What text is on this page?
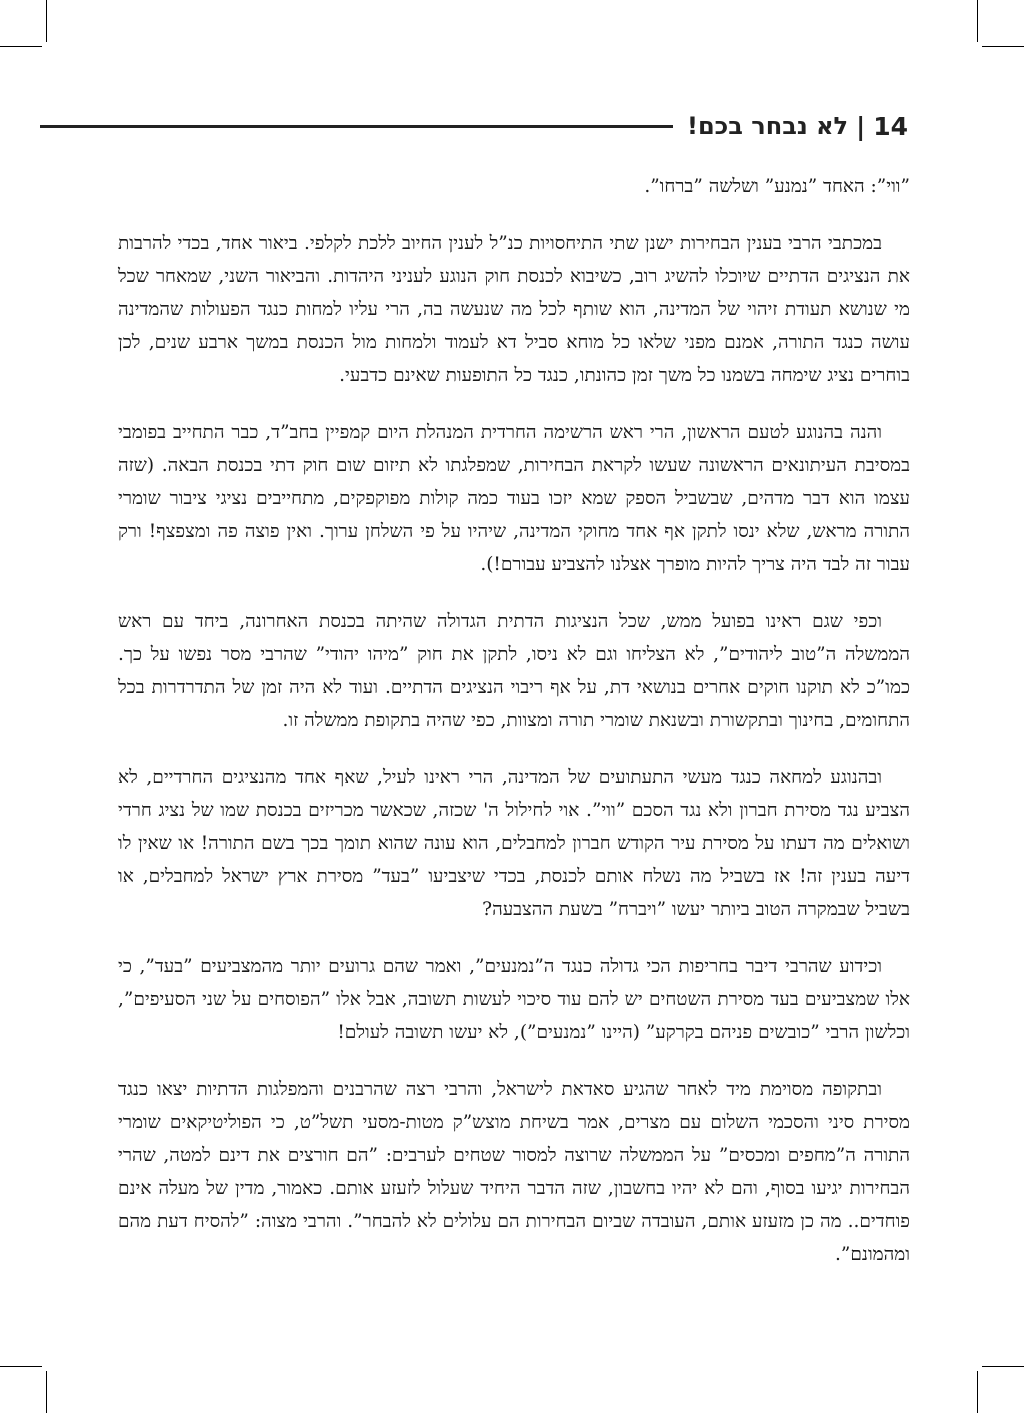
14
|
לא נבחר בכם!

”ווי”: האחד ”נמנע” ושלשה ”ברחו”.

במכתבי הרבי בענין הבחירות ישנן שתי התיחסויות כנ”ל לענין החיוב ללכת לקלפי. ביאור אחד, בכדי להרבות את הנציגים הדתיים שיוכלו להשיג רוב, כשיבוא לכנסת חוק הנוגע לעניני היהדות. והביאור השני, שמאחר שכל מי שנושא תעודת זיהוי של המדינה, הוא שותף לכל מה שנעשה בה, הרי עליו למחות כנגד הפעולות שהמדינה עושה כנגד התורה, אמנם מפני שלאו כל מוחא סביל דא לעמוד ולמחות מול הכנסת במשך ארבע שנים, לכן בוחרים נציג שימחה בשמנו כל משך זמן כהונתו, כנגד כל התופעות שאינם כדבעי.

והנה בהנוגע לטעם הראשון, הרי ראש הרשימה החרדית המנהלת היום קמפיין בחב”ד, כבר התחייב בפומבי במסיבת העיתונאים הראשונה שעשו לקראת הבחירות, שמפלגתו לא תיזום שום חוק דתי בכנסת הבאה. (שזה עצמו הוא דבר מדהים, שבשביל הספק שמא יזכו בעוד כמה קולות מפוקפקים, מתחייבים נציגי ציבור שומרי התורה מראש, שלא ינסו לתקן אף אחד מחוקי המדינה, שיהיו על פי השלחן ערוך. ואין פוצה פה ומצפצף! ורק עבור זה לבד היה צריך להיות מופרך אצלנו להצביע עבורם!).

וכפי שגם ראינו בפועל ממש, שכל הנציגות הדתית הגדולה שהיתה בכנסת האחרונה, ביחד עם ראש הממשלה ה”טוב ליהודים”, לא הצליחו וגם לא ניסו, לתקן את חוק ”מיהו יהודי” שהרבי מסר נפשו על כך. כמו”כ לא תוקנו חוקים אחרים בנושאי דת, על אף ריבוי הנציגים הדתיים. ועוד לא היה זמן של התדרדרות בכל התחומים, בחינוך ובתקשורת ובשנאת שומרי תורה ומצוות, כפי שהיה בתקופת ממשלה זו.

ובהנוגע למחאה כנגד מעשי התעתועים של המדינה, הרי ראינו לעיל, שאף אחד מהנציגים החרדיים, לא הצביע נגד מסירת חברון ולא נגד הסכם ”ווי”. אוי לחילול ה' שכזה, שכאשר מכריזים בכנסת שמו של נציג חרדי ושואלים מה דעתו על מסירת עיר הקודש חברון למחבלים, הוא עונה שהוא תומך בכך בשם התורה! או שאין לו דיעה בענין זה! אז בשביל מה נשלח אותם לכנסת, בכדי שיצביעו ”בעד” מסירת ארץ ישראל למחבלים, או בשביל שבמקרה הטוב ביותר יעשו ”ויברח” בשעת ההצבעה?

וכידוע שהרבי דיבר בחריפות הכי גדולה כנגד ה”נמנעים”, ואמר שהם גרועים יותר מהמצביעים ”בעד”, כי אלו שמצביעים בעד מסירת השטחים יש להם עוד סיכוי לעשות תשובה, אבל אלו ”הפוסחים על שני הסעיפים”, וכלשון הרבי ”כובשים פניהם בקרקע” (היינו ”נמנעים”), לא יעשו תשובה לעולם!

ובתקופה מסוימת מיד לאחר שהגיע סאדאת לישראל, והרבי רצה שהרבנים והמפלגות הדתיות יצאו כנגד מסירת סיני והסכמי השלום עם מצרים, אמר בשיחת מוצש”ק מטות-מסעי תשל”ט, כי הפוליטיקאים שומרי התורה ה”מחפים ומכסים” על הממשלה שרוצה למסור שטחים לערבים: ”הם חורצים את דינם למטה, שהרי הבחירות יגיעו בסוף, והם לא יהיו בחשבון, שזה הדבר היחיד שעלול לזעזע אותם. כאמור, מדין של מעלה אינם פוחדים.. מה כן מזעזע אותם, העובדה שביום הבחירות הם עלולים לא להבחר”. והרבי מצוה: ”להסיח דעת מהם ומהמונם”.
